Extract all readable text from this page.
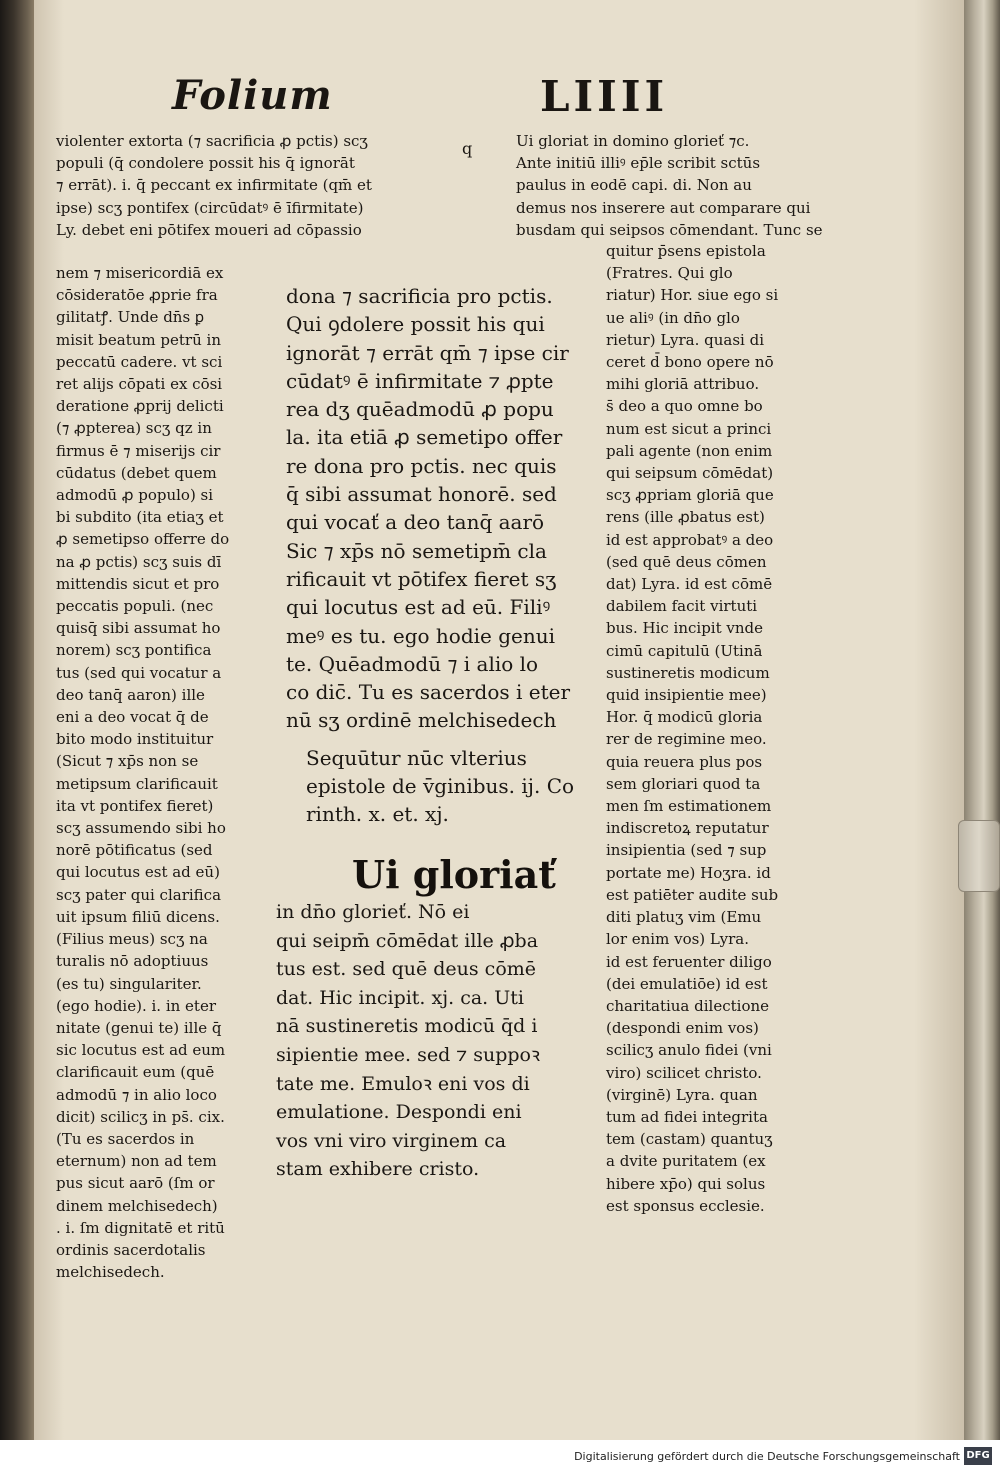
Folium	LIIII
violenter extorta (⁊ sacrificia ꝓ pctis) scʒ
populi (q̄ condolere possit his q̄ ignorāt
⁊ errāt). i. q̄ peccant ex infirmitate (qm̄ et
ipse) scʒ pontifex (circūdatꝰ ē īfirmitate)
Ly. debet eni pōtifex moueri ad cōpassio
nem ⁊ misericordiā ex
cōsideratōe ꝓprie fra
gilitatꝭ. Unde dn̄s ꝑ
misit beatum petrū in
peccatū cadere. vt sci
ret alijs cōpati ex cōsi
deratione ꝓprij delicti
(⁊ ꝓpterea) scʒ qz in
firmus ē ⁊ miserijs cir
cūdatus (debet quem
admodū ꝓ populo) si
bi subdito (ita etiaʒ et
ꝓ semetipso offerre do
na ꝓ pctis) scʒ suis dī
mittendis sicut et pro
peccatis populi. (nec
quisq̄ sibi assumat ho
norem) scʒ pontifica
tus (sed qui vocatur a
deo tanq̄ aaron) ille
eni a deo vocat q̄ de
bito modo instituitur
(Sicut ⁊ xp̄s non se
metipsum clarificauit
ita vt pontifex fieret)
scʒ assumendo sibi ho
norē pōtificatus (sed
qui locutus est ad eū)
scʒ pater qui clarifica
uit ipsum filiū dicens.
(Filius meus) scʒ na
turalis nō adoptiuus
(es tu) singulariter.
(ego hodie). i. in eter
nitate (genui te) ille q̄
sic locutus est ad eum
clarificauit eum (quē
admodū ⁊ in alio loco
dicit) scilicʒ in ps̄. cix.
(Tu es sacerdos in
eternum) non ad tem
pus sicut aarō (ſm or
dinem melchisedech)
. i. ſm dignitatē et ritū
ordinis sacerdotalis
melchisedech.
q	Ui gloriat in domino glorieť ⁊c.
Ante initiū illiꝰ ep̄le scribit sctūs
paulus in eodē capi. di. Non au
demus nos inserere aut comparare qui
busdam qui seipsos cōmendant. Tunc se
quitur p̄sens epistola
(Fratres. Qui glo
riatur) Hor. siue ego si
ue aliꝰ (in dn̄o glo
rietur) Lyra. quasi di
ceret d̄ bono opere nō
mihi gloriā attribuo.
s̄ deo a quo omne bo
num est sicut a princi
pali agente (non enim
qui seipsum cōmēdat)
scʒ ꝓpriam gloriā que
rens (ille ꝓbatus est)
id est approbatꝰ a deo
(sed quē deus cōmen
dat) Lyra. id est cōmē
dabilem facit virtuti
bus. Hic incipit vnde
cimū capitulū (Utinā
sustineretis modicum
quid insipientie mee)
Hor. q̄ modicū gloria
rer de regimine meo.
quia reuera plus pos
sem gloriari quod ta
men ſm estimationem
indiscretoꝝ reputatur
insipientia (sed ⁊ sup
portate me) Hoʒra. id
est patiēter audite sub
diti platuʒ vim (Emu
lor enim vos) Lyra.
id est feruenter diligo
(dei emulatiōe) id est
charitatiua dilectione
(despondi enim vos)
scilicʒ anulo fidei (vni
viro) scilicet christo.
(virginē) Lyra. quan
tum ad fidei integrita
tem (castam) quantuʒ
a dvite puritatem (ex
hibere xp̄o) qui solus
est sponsus ecclesie.
dona ⁊ sacrificia pro pctis.
Qui ꝯdolere possit his qui
ignorāt ⁊ errāt qm̄ ⁊ ipse cir
cūdatꝰ ē infirmitate ⁊ ꝓpte
rea dʒ quēadmodū ꝓ popu
la. ita etiā ꝓ semetipo offer
re dona pro pctis. nec quis
q̄ sibi assumat honorē. sed
qui vocať a deo tanq̄ aarō
Sic ⁊ xp̄s nō semetipm̄ cla
rificauit vt pōtifex fieret sʒ
qui locutus est ad eū. Filiꝰ
meꝰ es tu. ego hodie genui
te. Quēadmodū ⁊ i alio lo
co dic̄. Tu es sacerdos i eter
nū sʒ ordinē melchisedech
Sequūtur nūc vlterius
epistole de v̄ginibus. ij. Co
rinth. x. et. xj.
Ui gloriať
in dn̄o glorieť. Nō ei
qui seipm̄ cōmēdat ille ꝓba
tus est. sed quē deus cōmē
dat. Hic incipit. xj. ca. Uti
nā sustineretis modicū q̄d i
sipientie mee. sed ⁊ suppoꝛ
tate me. Emuloꝛ eni vos di
emulatione. Despondi eni
vos vni viro virginem ca
stam exhibere cristo.
Digitalisierung gefördert durch die Deutsche Forschungsgemeinschaft DFG
